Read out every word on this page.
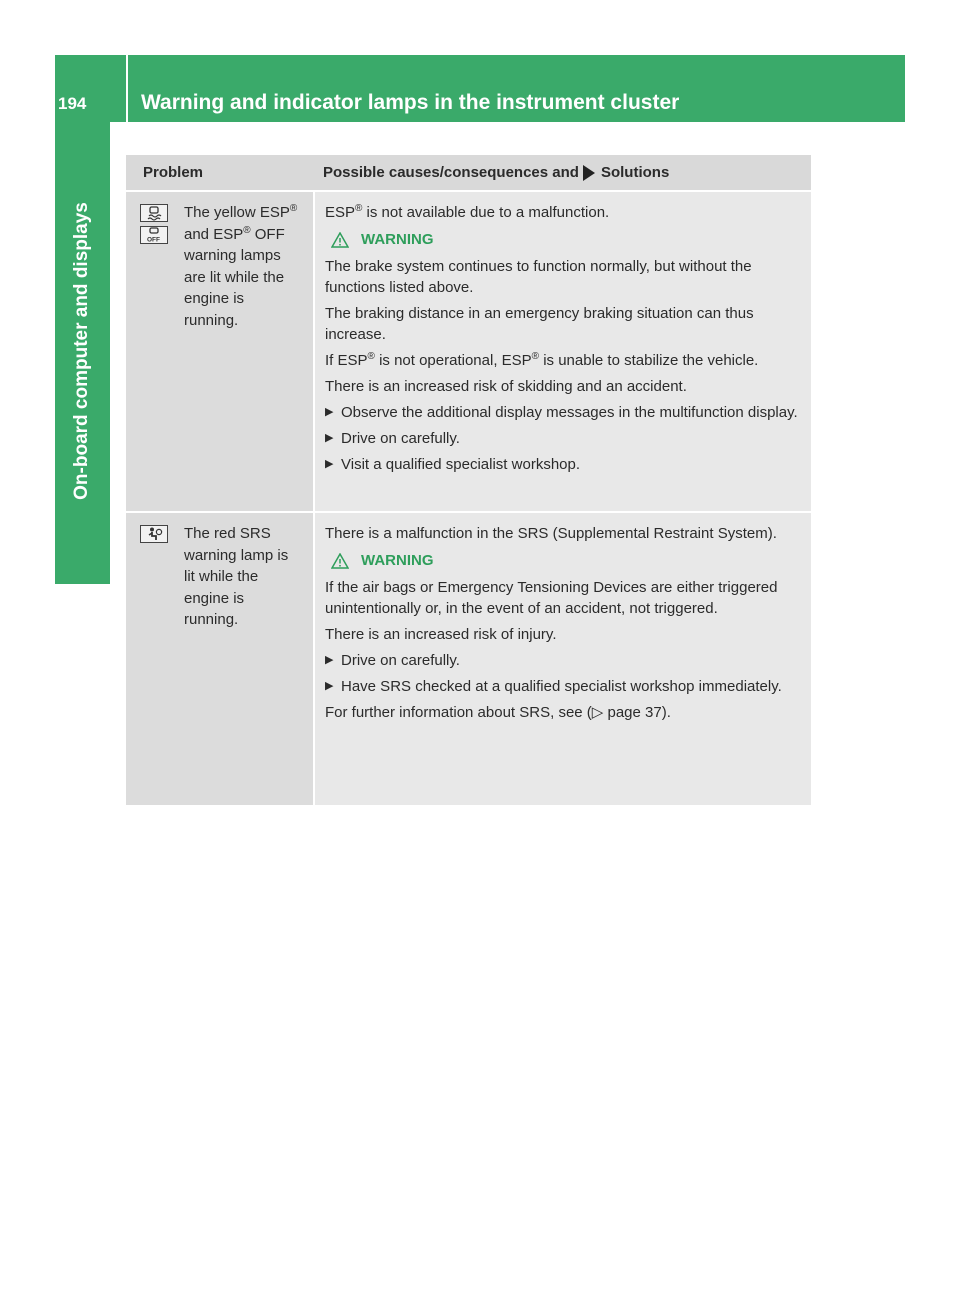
194	Warning and indicator lamps in the instrument cluster
On-board computer and displays
Problem	Possible causes/consequences and Solutions
OFF
The yellow ESP®
and ESP® OFF
warning lamps
are lit while the
engine is
running.

ESP® is not available due to a malfunction.

WARNING

The brake system continues to function normally, but without the functions listed above.

The braking distance in an emergency braking situation can thus increase.

If ESP® is not operational, ESP® is unable to stabilize the vehicle.

There is an increased risk of skidding and an accident.

▶ Observe the additional display messages in the multifunction display.
▶ Drive on carefully.
▶ Visit a qualified specialist workshop.
The red SRS
warning lamp is
lit while the
engine is
running.

There is a malfunction in the SRS (Supplemental Restraint System).

WARNING

If the air bags or Emergency Tensioning Devices are either triggered unintentionally or, in the event of an accident, not triggered.

There is an increased risk of injury.

▶ Drive on carefully.
▶ Have SRS checked at a qualified specialist workshop immediately.

For further information about SRS, see (▷ page 37).
